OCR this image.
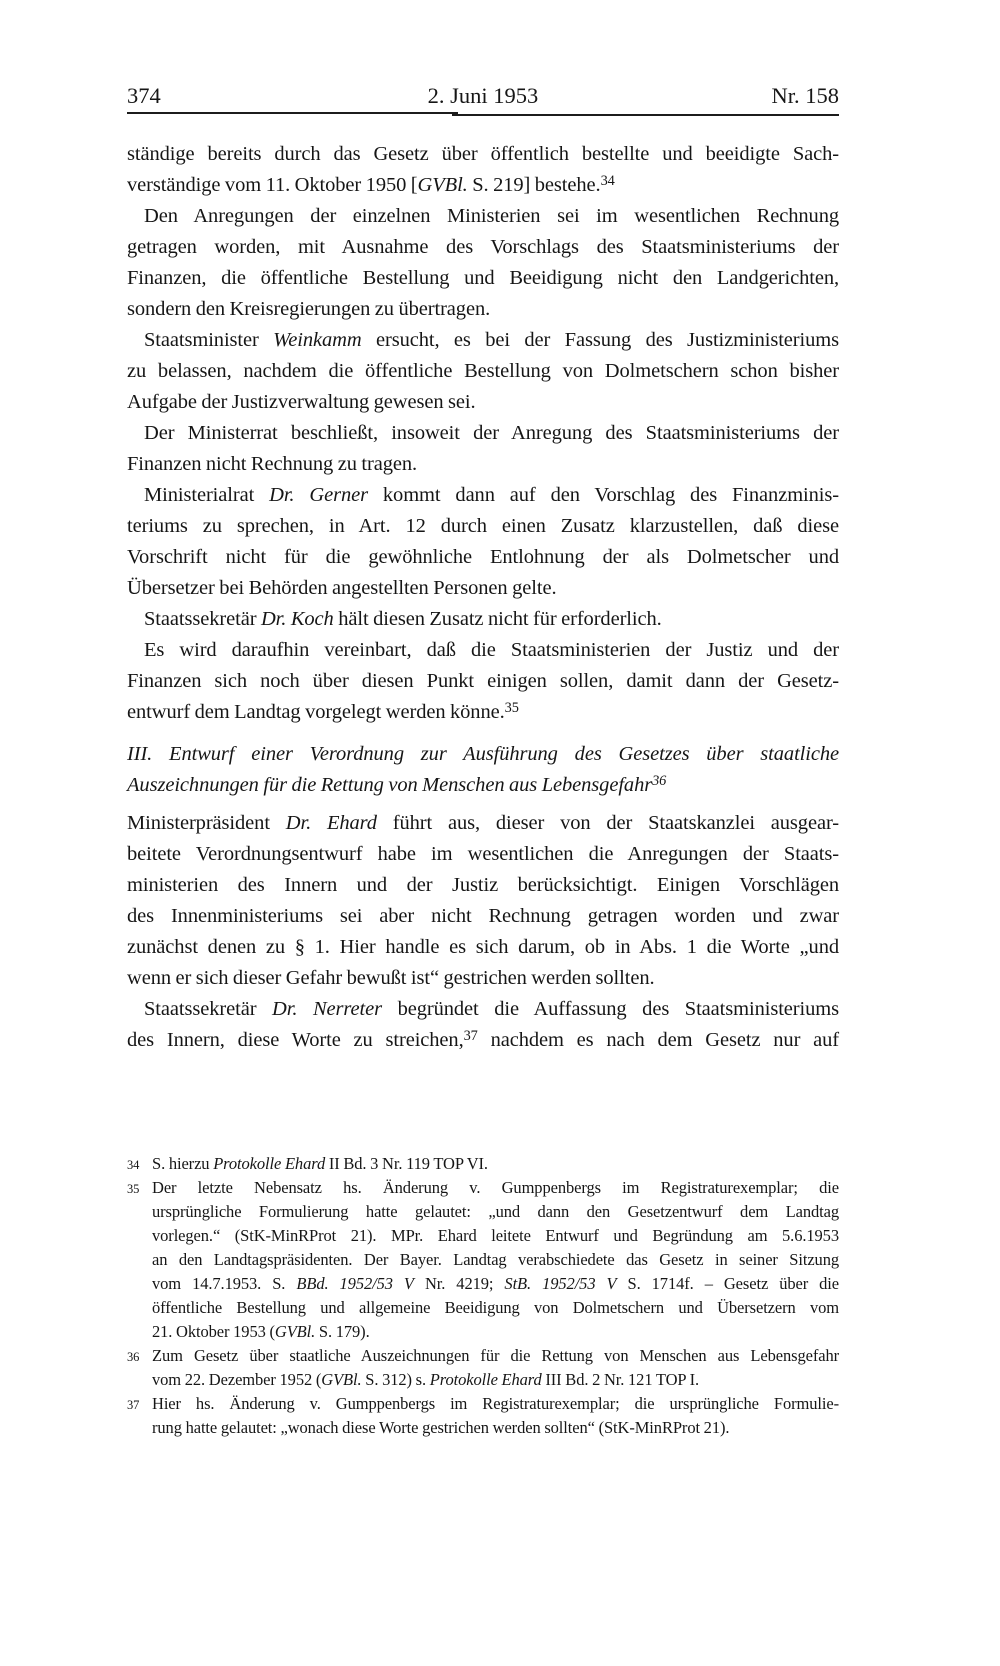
374	2. Juni 1953	Nr. 158
ständige bereits durch das Gesetz über öffentlich bestellte und beeidigte Sach-
verständige vom 11. Oktober 1950 [GVBl. S. 219] bestehe.$^{34}$
Den Anregungen der einzelnen Ministerien sei im wesentlichen Rechnung
getragen worden, mit Ausnahme des Vorschlags des Staatsministeriums der
Finanzen, die öffentliche Bestellung und Beeidigung nicht den Landgerichten,
sondern den Kreisregierungen zu übertragen.
Staatsminister Weinkamm ersucht, es bei der Fassung des Justizministeriums
zu belassen, nachdem die öffentliche Bestellung von Dolmetschern schon bisher
Aufgabe der Justizverwaltung gewesen sei.
Der Ministerrat beschließt, insoweit der Anregung des Staatsministeriums der
Finanzen nicht Rechnung zu tragen.
Ministerialrat Dr. Gerner kommt dann auf den Vorschlag des Finanzminis-
teriums zu sprechen, in Art. 12 durch einen Zusatz klarzustellen, daß diese
Vorschrift nicht für die gewöhnliche Entlohnung der als Dolmetscher und
Übersetzer bei Behörden angestellten Personen gelte.
Staatssekretär Dr. Koch hält diesen Zusatz nicht für erforderlich.
Es wird daraufhin vereinbart, daß die Staatsministerien der Justiz und der
Finanzen sich noch über diesen Punkt einigen sollen, damit dann der Gesetz-
entwurf dem Landtag vorgelegt werden könne.$^{35}$
III. Entwurf einer Verordnung zur Ausführung des Gesetzes über staatliche
Auszeichnungen für die Rettung von Menschen aus Lebensgefahr$^{36}$
Ministerpräsident Dr. Ehard führt aus, dieser von der Staatskanzlei ausgear-
beitete Verordnungsentwurf habe im wesentlichen die Anregungen der Staats-
ministerien des Innern und der Justiz berücksichtigt. Einigen Vorschlägen
des Innenministeriums sei aber nicht Rechnung getragen worden und zwar
zunächst denen zu § 1. Hier handle es sich darum, ob in Abs. 1 die Worte „und
wenn er sich dieser Gefahr bewußt ist“ gestrichen werden sollten.
Staatssekretär Dr. Nerreter begründet die Auffassung des Staatsministeriums
des Innern, diese Worte zu streichen,$^{37}$ nachdem es nach dem Gesetz nur auf
34 S. hierzu Protokolle Ehard II Bd. 3 Nr. 119 TOP VI.
35 Der letzte Nebensatz hs. Änderung v. Gumppenbergs im Registraturexemplar; die
ursprüngliche Formulierung hatte gelautet: „und dann den Gesetzentwurf dem Landtag
vorlegen.“ (StK-MinRProt 21). MPr. Ehard leitete Entwurf und Begründung am 5.6.1953
an den Landtagspräsidenten. Der Bayer. Landtag verabschiedete das Gesetz in seiner Sitzung
vom 14.7.1953. S. BBd. 1952/53 V Nr. 4219; StB. 1952/53 V S. 1714f. – Gesetz über die
öffentliche Bestellung und allgemeine Beeidigung von Dolmetschern und Übersetzern vom
21. Oktober 1953 (GVBl. S. 179).
36 Zum Gesetz über staatliche Auszeichnungen für die Rettung von Menschen aus Lebensgefahr
vom 22. Dezember 1952 (GVBl. S. 312) s. Protokolle Ehard III Bd. 2 Nr. 121 TOP I.
37 Hier hs. Änderung v. Gumppenbergs im Registraturexemplar; die ursprüngliche Formulie-
rung hatte gelautet: „wonach diese Worte gestrichen werden sollten“ (StK-MinRProt 21).
